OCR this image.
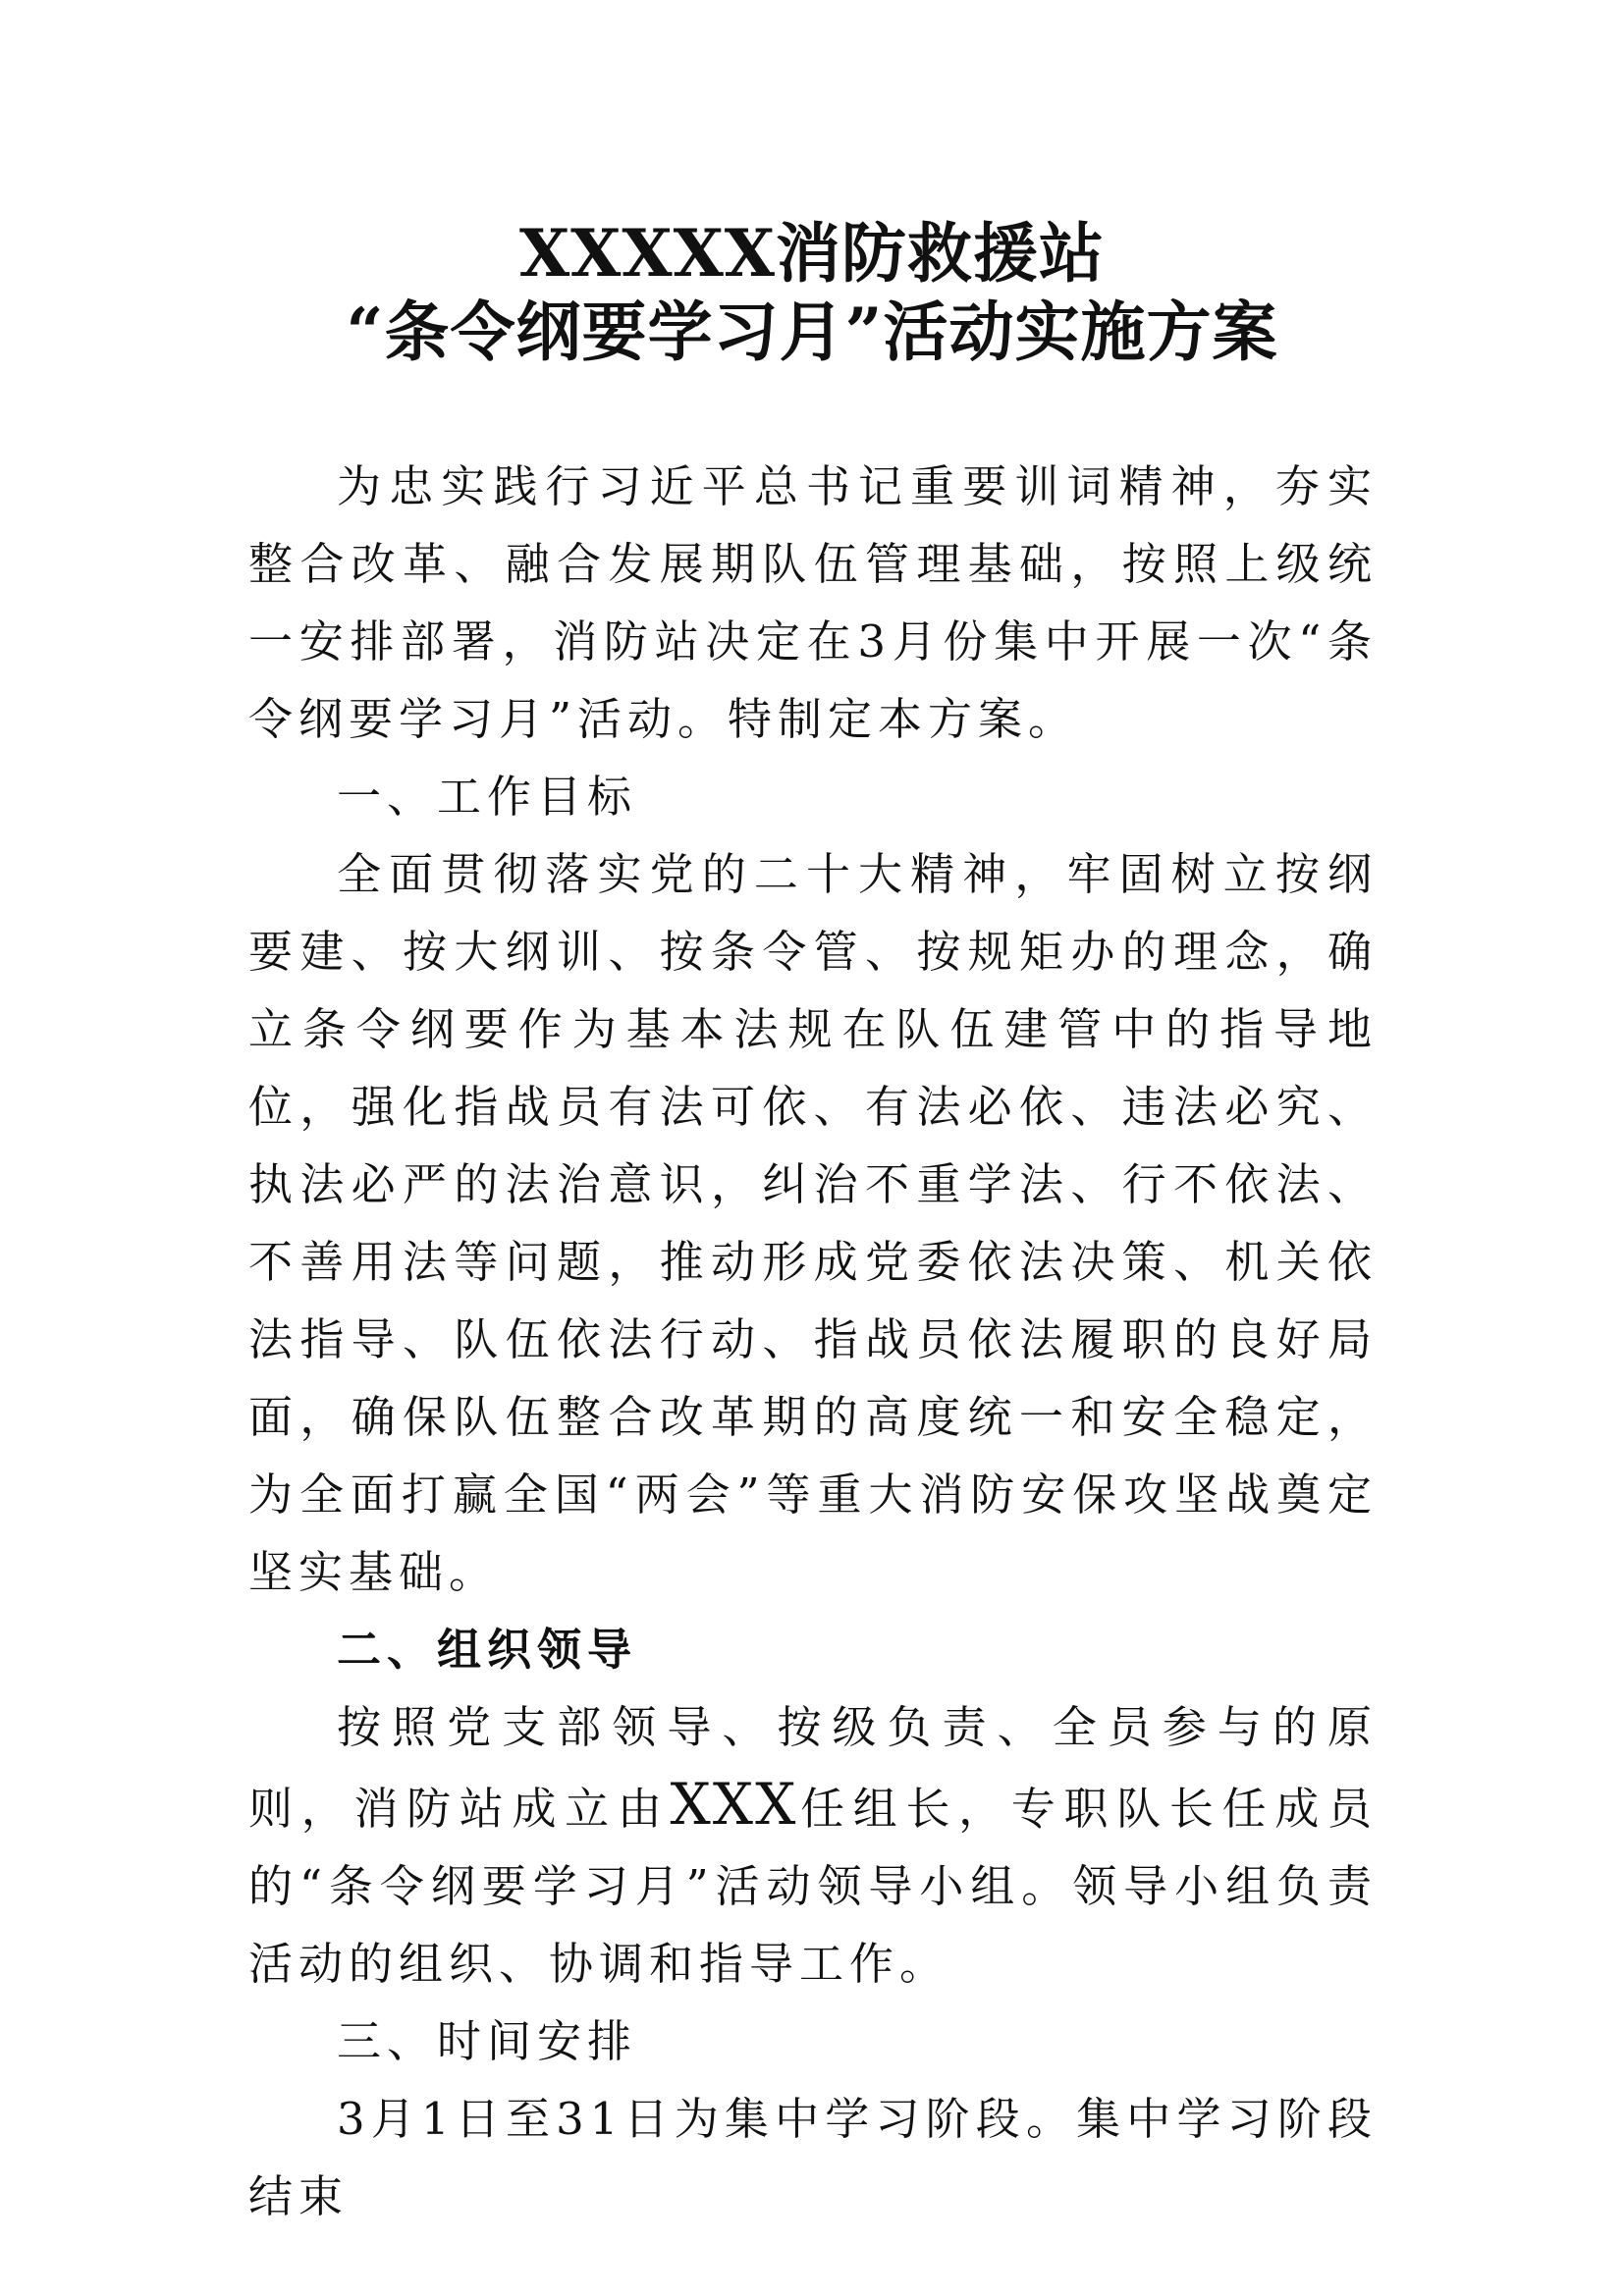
XXXXX消防救援站
“条令纲要学习月”活动实施方案

为忠实践行习近平总书记重要训词精神，夯实整合改革、融合发展期队伍管理基础，按照上级统一安排部署，消防站决定在3月份集中开展一次“条令纲要学习月”活动。特制定本方案。

一、工作目标

全面贯彻落实党的二十大精神，牢固树立按纲要建、按大纲训、按条令管、按规矩办的理念，确立条令纲要作为基本法规在队伍建管中的指导地位，强化指战员有法可依、有法必依、违法必究、执法必严的法治意识，纠治不重学法、行不依法、不善用法等问题，推动形成党委依法决策、机关依法指导、队伍依法行动、指战员依法履职的良好局面，确保队伍整合改革期的高度统一和安全稳定，为全面打赢全国“两会”等重大消防安保攻坚战奠定坚实基础。

二、组织领导

按照党支部领导、按级负责、全员参与的原则，消防站成立由XXX任组长，专职队长任成员的“条令纲要学习月”活动领导小组。领导小组负责活动的组织、协调和指导工作。

三、时间安排

3月1日至31日为集中学习阶段。集中学习阶段结束
